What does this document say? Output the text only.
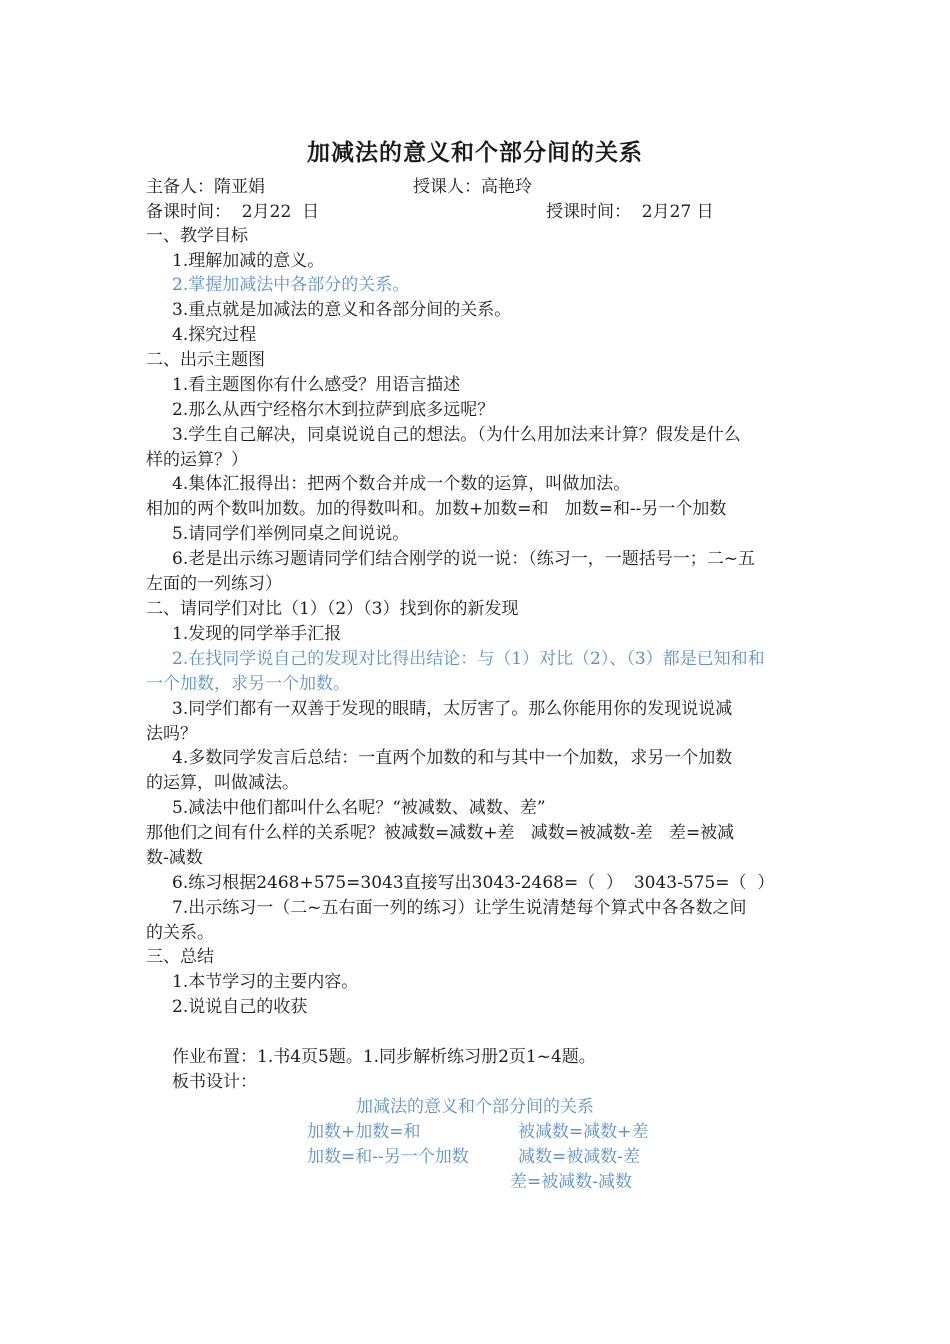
加减法的意义和个部分间的关系
主备人：隋亚娟	授课人：高艳玲
备课时间：  2月22  日	授课时间：  2月27 日
一、教学目标
1.理解加减的意义。
2.掌握加减法中各部分的关系。
3.重点就是加减法的意义和各部分间的关系。
4.探究过程
二、出示主题图
1.看主题图你有什么感受？用语言描述
2.那么从西宁经格尔木到拉萨到底多远呢？
3.学生自己解决，同桌说说自己的想法。（为什么用加法来计算？假发是什么
样的运算？）
4.集体汇报得出：把两个数合并成一个数的运算，叫做加法。
相加的两个数叫加数。加的得数叫和。加数+加数=和   加数=和--另一个加数
5.请同学们举例同桌之间说说。
6.老是出示练习题请同学们结合刚学的说一说：（练习一，一题括号一；二~五
左面的一列练习）
二、请同学们对比（1）（2）（3）找到你的新发现
1.发现的同学举手汇报
2.在找同学说自己的发现对比得出结论：与（1）对比（2）、（3）都是已知和和
一个加数，求另一个加数。
3.同学们都有一双善于发现的眼睛，太厉害了。那么你能用你的发现说说减
法吗？
4.多数同学发言后总结：一直两个加数的和与其中一个加数，求另一个加数
的运算，叫做减法。
5.减法中他们都叫什么名呢？“被减数、减数、差”
那他们之间有什么样的关系呢？被减数=减数+差   减数=被减数-差   差=被减
数-减数
6.练习根据2468+575=3043直接写出3043-2468=（  ）  3043-575=（  ）
7.出示练习一（二~五右面一列的练习）让学生说清楚每个算式中各各数之间
的关系。
三、总结
1.本节学习的主要内容。
2.说说自己的收获
作业布置：1.书4页5题。1.同步解析练习册2页1~4题。
板书设计：
加减法的意义和个部分间的关系
加数+加数=和	被减数=减数+差
加数=和--另一个加数	减数=被减数-差
差=被减数-减数
